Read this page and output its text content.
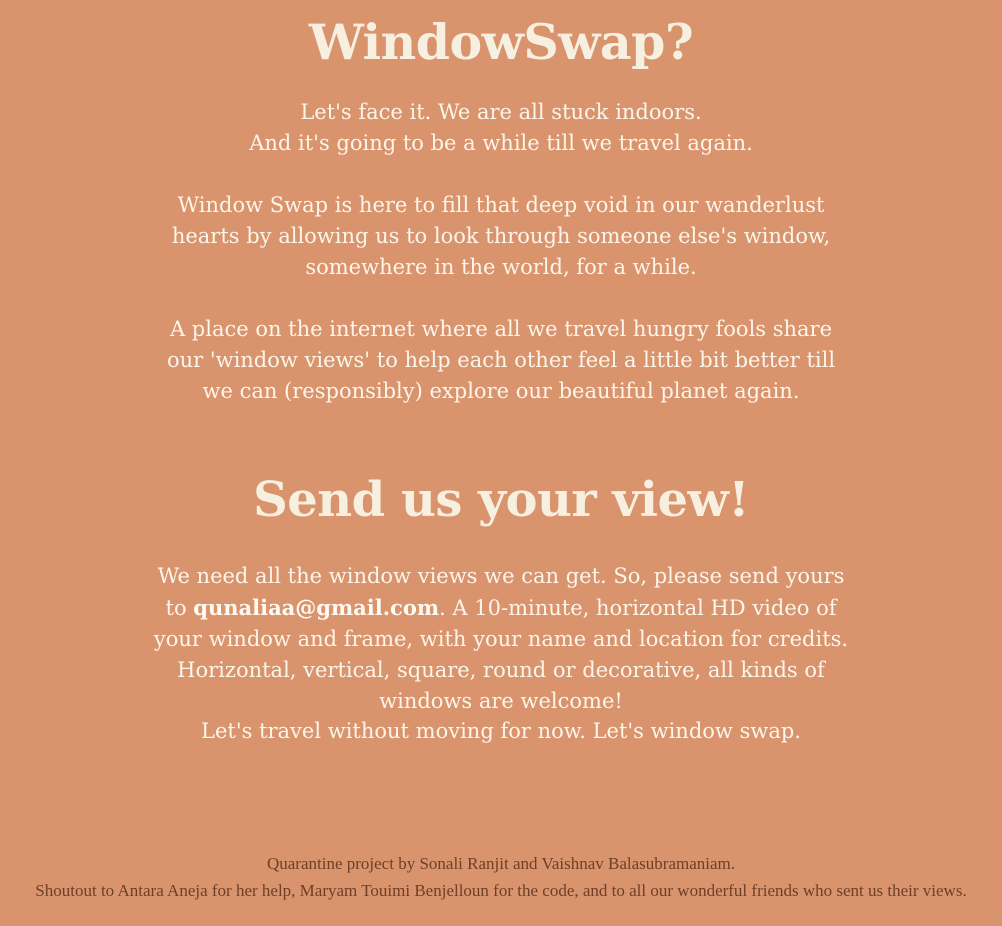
WindowSwap?
Let's face it. We are all stuck indoors.
And it's going to be a while till we travel again.

Window Swap is here to fill that deep void in our wanderlust hearts by allowing us to look through someone else's window, somewhere in the world, for a while.

A place on the internet where all we travel hungry fools share our 'window views' to help each other feel a little bit better till we can (responsibly) explore our beautiful planet again.

Send us your view!

We need all the window views we can get. So, please send yours to qunaliaa@gmail.com. A 10-minute, horizontal HD video of your window and frame, with your name and location for credits. Horizontal, vertical, square, round or decorative, all kinds of windows are welcome!

Let's travel without moving for now. Let's window swap.

Quarantine project by Sonali Ranjit and Vaishnav Balasubramaniam.
Shoutout to Antara Aneja for her help, Maryam Touimi Benjelloun for the code, and to all our wonderful friends who sent us their views.
